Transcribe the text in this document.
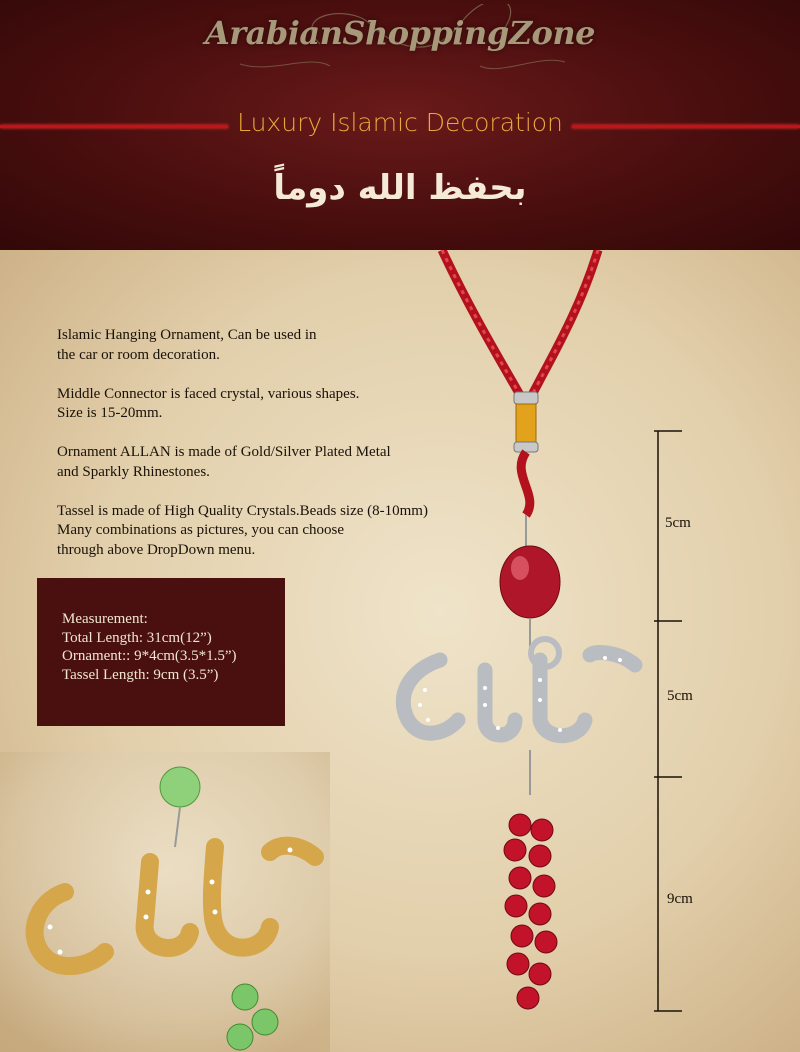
ArabianShoppingZone
Luxury Islamic Decoration
بحفظ الله دوماً

Islamic Hanging Ornament, Can be used in
the car or room decoration.

Middle Connector is faced crystal, various shapes.
Size is 15-20mm.

Ornament ALLAN is made of Gold/Silver Plated Metal
and Sparkly Rhinestones.

Tassel is made of High Quality Crystals.Beads size (8-10mm)
Many combinations as pictures, you can choose
through above DropDown menu.

Measurement:
Total Length: 31cm(12”)
Ornament:: 9*4cm(3.5*1.5”)
Tassel Length: 9cm (3.5”)
5cm
5cm
9cm
